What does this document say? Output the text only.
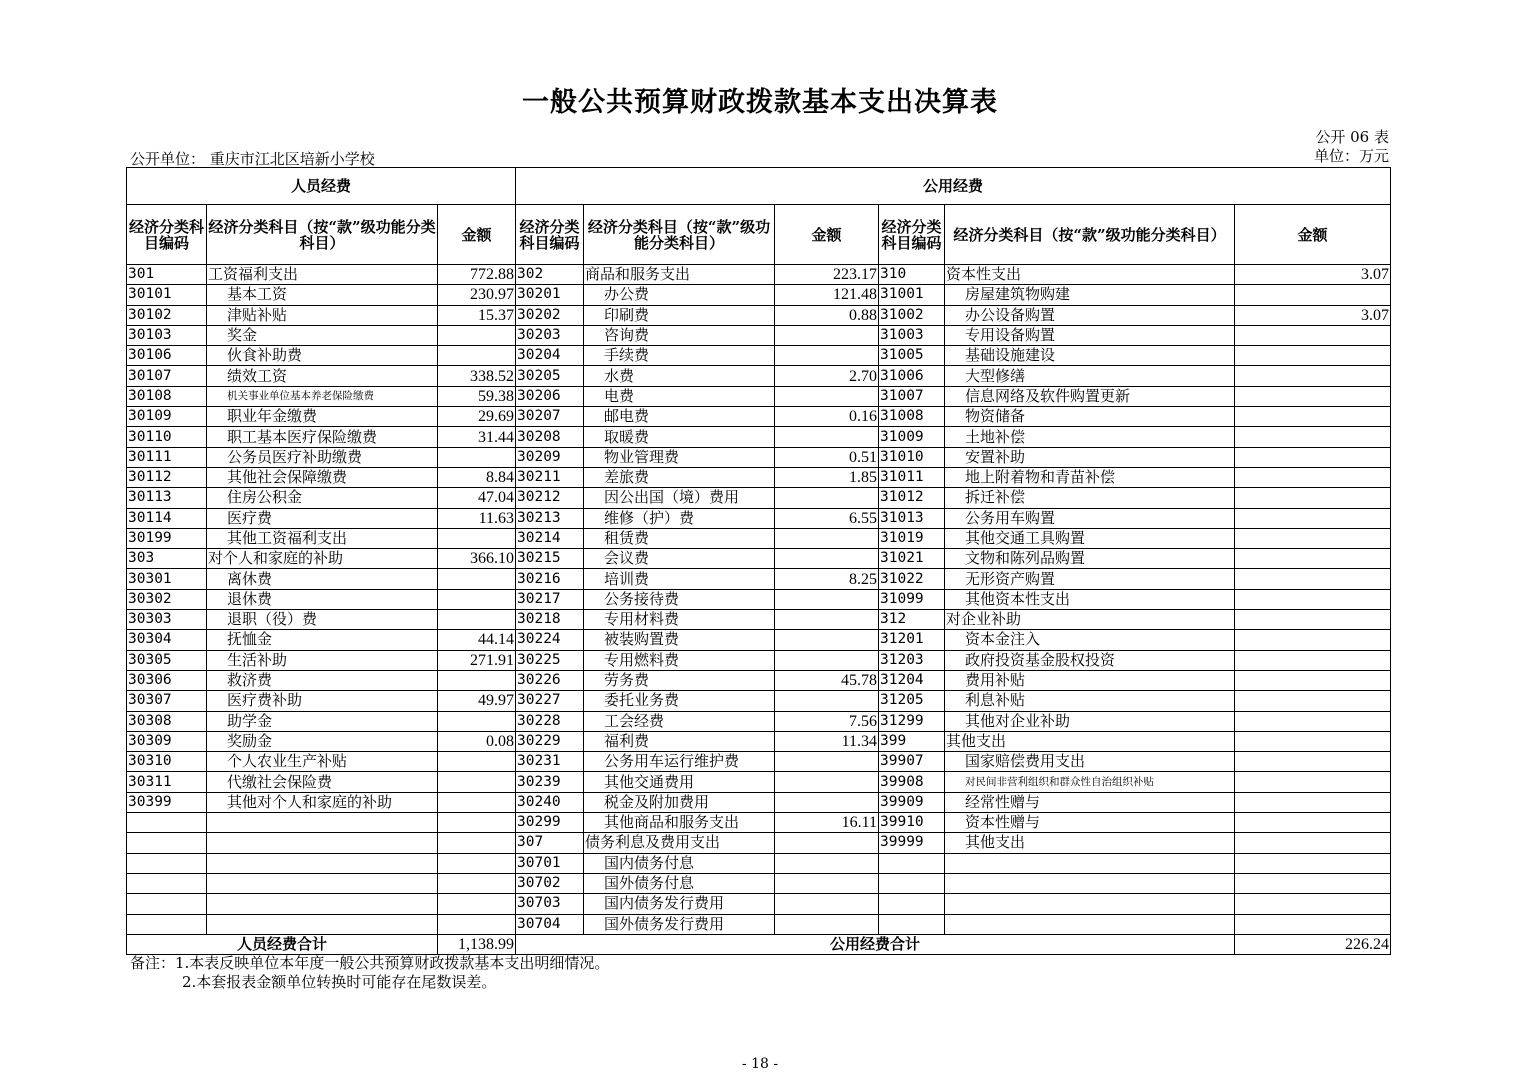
一般公共预算财政拨款基本支出决算表
公开 06 表
单位：万元
公开单位： 重庆市江北区培新小学校
人员经费			公用经费					
经济分类科目编码	经济分类科目（按“款”级功能分类科目）	金额	经济分类科目编码	经济分类科目（按“款”级功能分类科目）	金额	经济分类科目编码	经济分类科目（按“款”级功能分类科目）	金额
301	工资福利支出	772.88	302	商品和服务支出	223.17	310	资本性支出	3.07
30101	基本工资	230.97	30201	办公费	121.48	31001	房屋建筑物购建	
30102	津贴补贴	15.37	30202	印刷费	0.88	31002	办公设备购置	3.07
30103	奖金		30203	咨询费		31003	专用设备购置	
30106	伙食补助费		30204	手续费		31005	基础设施建设	
30107	绩效工资	338.52	30205	水费	2.70	31006	大型修缮	
30108	机关事业单位基本养老保险缴费	59.38	30206	电费		31007	信息网络及软件购置更新	
30109	职业年金缴费	29.69	30207	邮电费	0.16	31008	物资储备	
30110	职工基本医疗保险缴费	31.44	30208	取暖费		31009	土地补偿	
30111	公务员医疗补助缴费		30209	物业管理费	0.51	31010	安置补助	
30112	其他社会保障缴费	8.84	30211	差旅费	1.85	31011	地上附着物和青苗补偿	
30113	住房公积金	47.04	30212	因公出国（境）费用		31012	拆迁补偿	
30114	医疗费	11.63	30213	维修（护）费	6.55	31013	公务用车购置	
30199	其他工资福利支出		30214	租赁费		31019	其他交通工具购置	
303	对个人和家庭的补助	366.10	30215	会议费		31021	文物和陈列品购置	
30301	离休费		30216	培训费	8.25	31022	无形资产购置	
30302	退休费		30217	公务接待费		31099	其他资本性支出	
30303	退职（役）费		30218	专用材料费		312	对企业补助	
30304	抚恤金	44.14	30224	被装购置费		31201	资本金注入	
30305	生活补助	271.91	30225	专用燃料费		31203	政府投资基金股权投资	
30306	救济费		30226	劳务费	45.78	31204	费用补贴	
30307	医疗费补助	49.97	30227	委托业务费		31205	利息补贴	
30308	助学金		30228	工会经费	7.56	31299	其他对企业补助	
30309	奖励金	0.08	30229	福利费	11.34	399	其他支出	
30310	个人农业生产补贴		30231	公务用车运行维护费		39907	国家赔偿费用支出	
30311	代缴社会保险费		30239	其他交通费用		39908	对民间非营利组织和群众性自治组织补贴	
30399	其他对个人和家庭的补助		30240	税金及附加费用		39909	经常性赠与	
			30299	其他商品和服务支出	16.11	39910	资本性赠与	
			307	债务利息及费用支出		39999	其他支出	
			30701	国内债务付息				
			30702	国外债务付息				
			30703	国内债务发行费用				
			30704	国外债务发行费用				
人员经费合计		1,138.99	公用经费合计					226.24
备注：1.本表反映单位本年度一般公共预算财政拨款基本支出明细情况。
2.本套报表金额单位转换时可能存在尾数误差。
- 18 -
